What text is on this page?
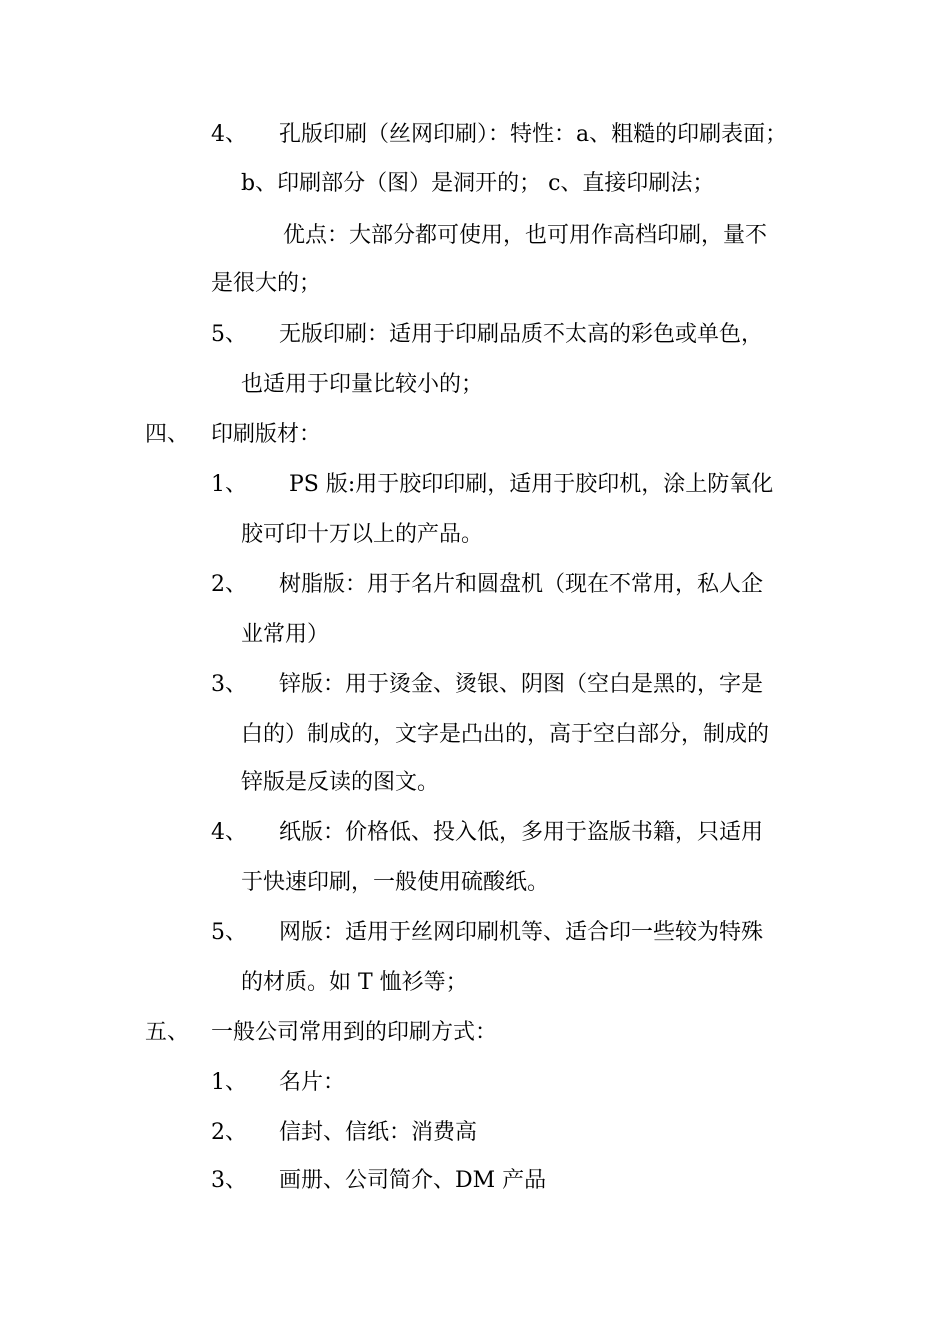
4、 孔版印刷（丝网印刷）：特性：a、粗糙的印刷表面；
b、印刷部分（图）是洞开的； c、直接印刷法；
优点：大部分都可使用，也可用作高档印刷，量不
是很大的；
5、 无版印刷：适用于印刷品质不太高的彩色或单色，
也适用于印量比较小的；
四、 印刷版材：
1、 PS 版:用于胶印印刷，适用于胶印机，涂上防氧化
胶可印十万以上的产品。
2、 树脂版：用于名片和圆盘机（现在不常用，私人企
业常用）
3、 锌版：用于烫金、烫银、阴图（空白是黑的，字是
白的）制成的，文字是凸出的，高于空白部分，制成的
锌版是反读的图文。
4、 纸版：价格低、投入低，多用于盗版书籍，只适用
于快速印刷，一般使用硫酸纸。
5、 网版：适用于丝网印刷机等、适合印一些较为特殊
的材质。如 T 恤衫等；
五、 一般公司常用到的印刷方式：
1、 名片：
2、 信封、信纸：消费高
3、 画册、公司简介、DM 产品
